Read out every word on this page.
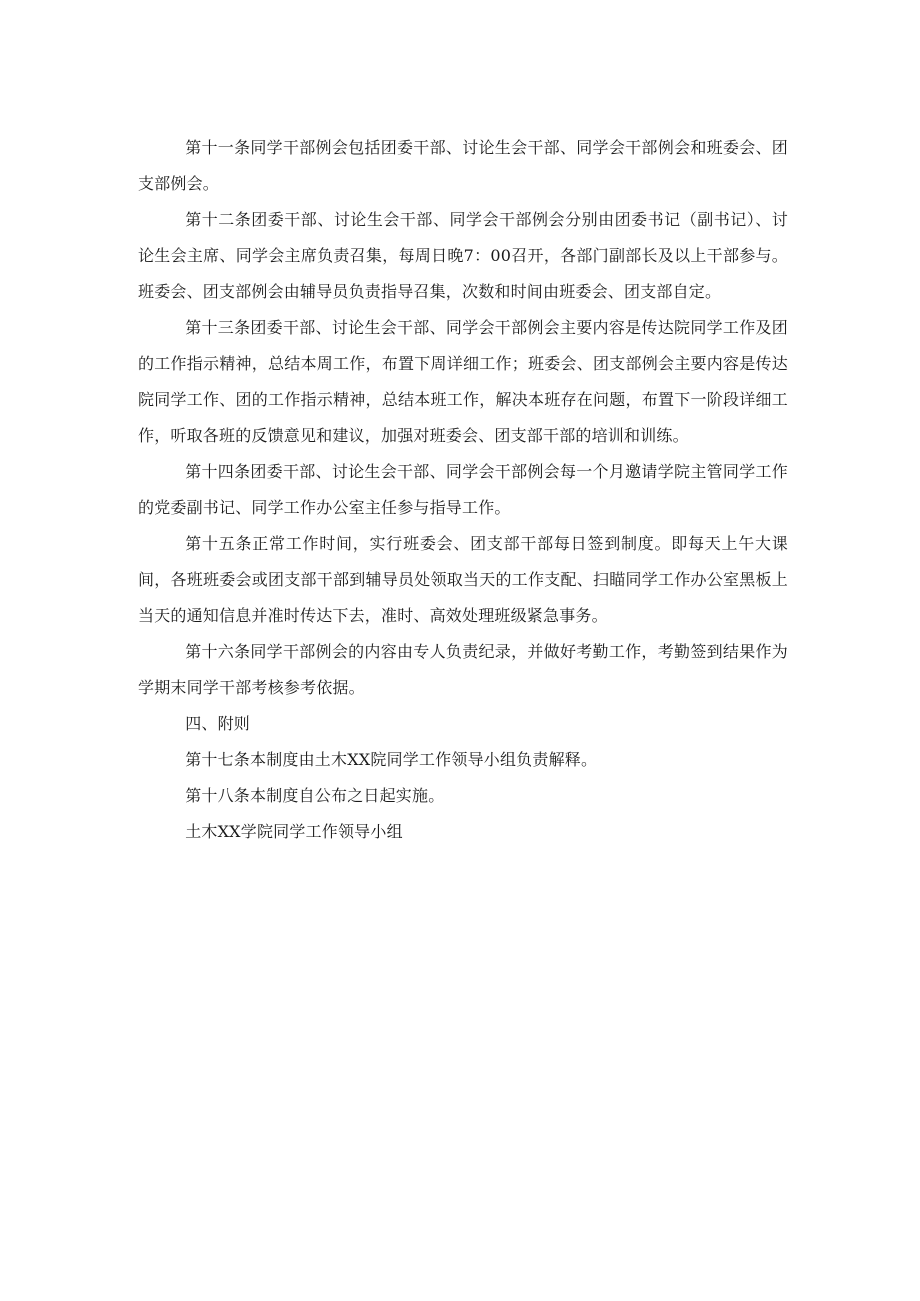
第十一条同学干部例会包括团委干部、讨论生会干部、同学会干部例会和班委会、团支部例会。

第十二条团委干部、讨论生会干部、同学会干部例会分别由团委书记（副书记）、讨论生会主席、同学会主席负责召集，每周日晚7：00召开，各部门副部长及以上干部参与。班委会、团支部例会由辅导员负责指导召集，次数和时间由班委会、团支部自定。

第十三条团委干部、讨论生会干部、同学会干部例会主要内容是传达院同学工作及团的工作指示精神，总结本周工作，布置下周详细工作；班委会、团支部例会主要内容是传达院同学工作、团的工作指示精神，总结本班工作，解决本班存在问题，布置下一阶段详细工作，听取各班的反馈意见和建议，加强对班委会、团支部干部的培训和训练。

第十四条团委干部、讨论生会干部、同学会干部例会每一个月邀请学院主管同学工作的党委副书记、同学工作办公室主任参与指导工作。

第十五条正常工作时间，实行班委会、团支部干部每日签到制度。即每天上午大课间，各班班委会或团支部干部到辅导员处领取当天的工作支配、扫瞄同学工作办公室黑板上当天的通知信息并准时传达下去，准时、高效处理班级紧急事务。

第十六条同学干部例会的内容由专人负责纪录，并做好考勤工作，考勤签到结果作为学期末同学干部考核参考依据。

四、附则

第十七条本制度由土木XX院同学工作领导小组负责解释。

第十八条本制度自公布之日起实施。

土木XX学院同学工作领导小组
